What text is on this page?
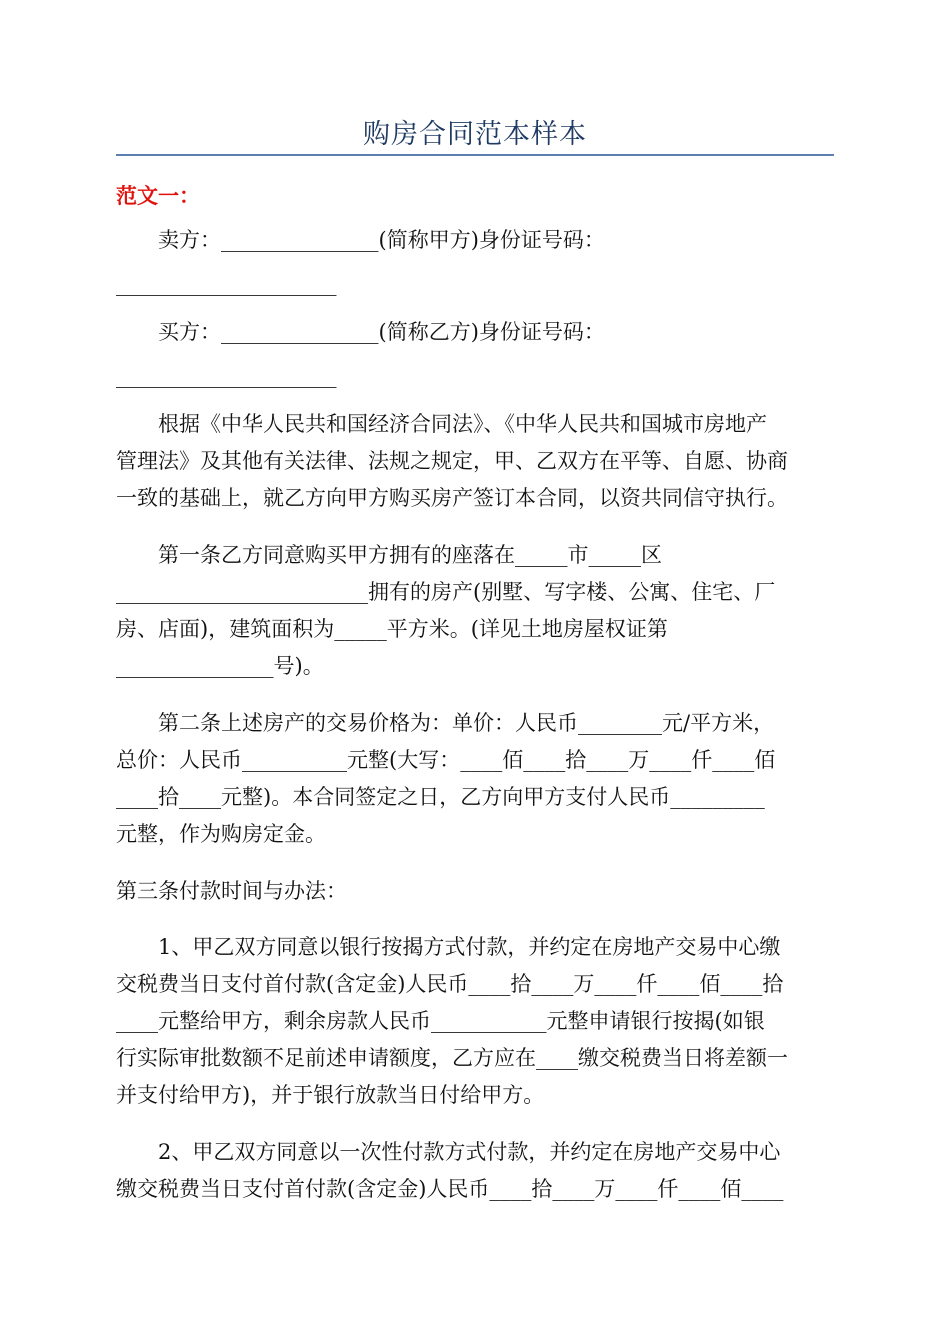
购房合同范本样本
范文一：

　　卖方：_______________(简称甲方)身份证号码：

_____________________

　　买方：_______________(简称乙方)身份证号码：

_____________________

　　根据《中华人民共和国经济合同法》、《中华人民共和国城市房地产

管理法》及其他有关法律、法规之规定，甲、乙双方在平等、自愿、协商

一致的基础上，就乙方向甲方购买房产签订本合同，以资共同信守执行。

　　第一条乙方同意购买甲方拥有的座落在_____市_____区

________________________拥有的房产(别墅、写字楼、公寓、住宅、厂

房、店面)，建筑面积为_____平方米。(详见土地房屋权证第

_______________号)。

　　第二条上述房产的交易价格为：单价：人民币________元/平方米，

总价：人民币__________元整(大写：____佰____拾____万____仟____佰

____拾____元整)。本合同签定之日，乙方向甲方支付人民币_________

元整，作为购房定金。

第三条付款时间与办法：

　　1、甲乙双方同意以银行按揭方式付款，并约定在房地产交易中心缴

交税费当日支付首付款(含定金)人民币____拾____万____仟____佰____拾

____元整给甲方，剩余房款人民币___________元整申请银行按揭(如银

行实际审批数额不足前述申请额度，乙方应在____缴交税费当日将差额一

并支付给甲方)，并于银行放款当日付给甲方。

　　2、甲乙双方同意以一次性付款方式付款，并约定在房地产交易中心

缴交税费当日支付首付款(含定金)人民币____拾____万____仟____佰____
